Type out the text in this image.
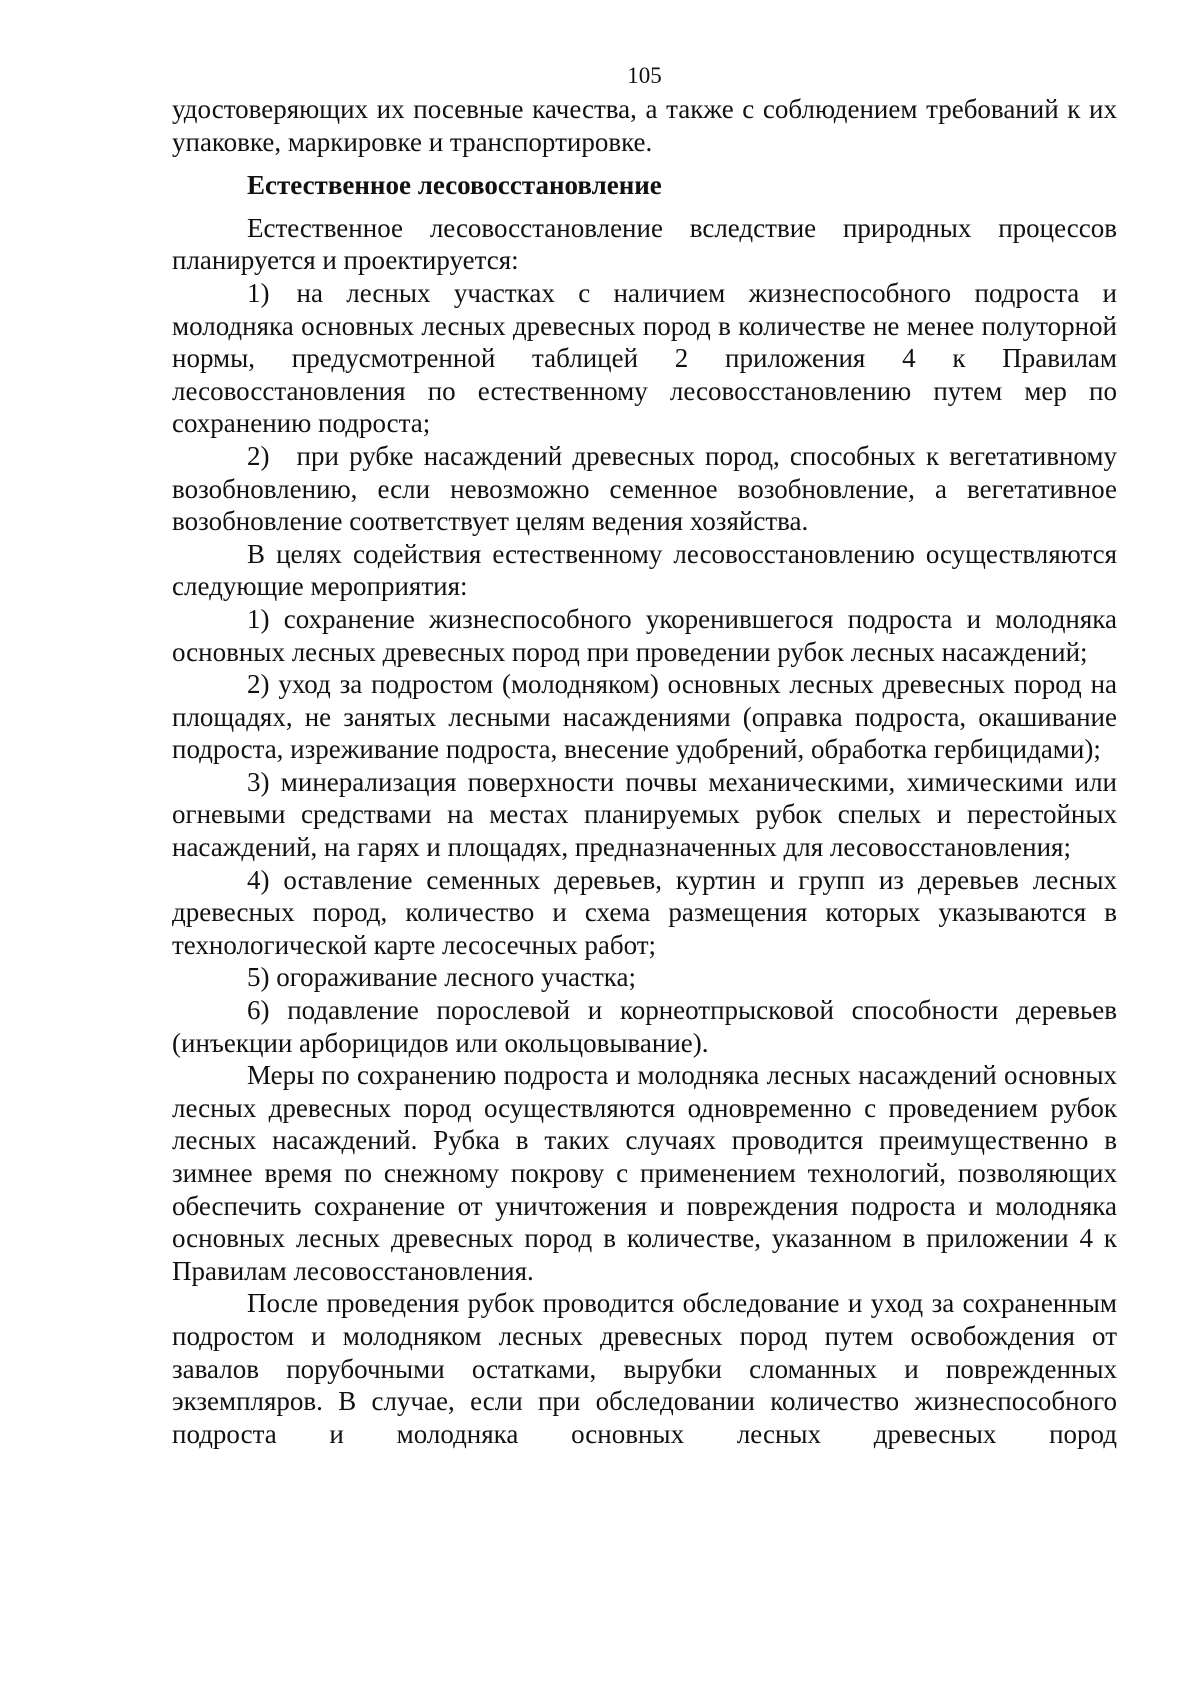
105

удостоверяющих их посевные качества, а также с соблюдением требований к их упаковке, маркировке и транспортировке.

Естественное лесовосстановление

Естественное лесовосстановление вследствие природных процессов планируется и проектируется:

1) на лесных участках с наличием жизнеспособного подроста и молодняка основных лесных древесных пород в количестве не менее полуторной нормы, предусмотренной таблицей 2 приложения 4 к Правилам лесовосстановления по естественному лесовосстановлению путем мер по сохранению подроста;

2) при рубке насаждений древесных пород, способных к вегетативному возобновлению, если невозможно семенное возобновление, а вегетативное возобновление соответствует целям ведения хозяйства.

В целях содействия естественному лесовосстановлению осуществляются следующие мероприятия:

1) сохранение жизнеспособного укоренившегося подроста и молодняка основных лесных древесных пород при проведении рубок лесных насаждений;

2) уход за подростом (молодняком) основных лесных древесных пород на площадях, не занятых лесными насаждениями (оправка подроста, окашивание подроста, изреживание подроста, внесение удобрений, обработка гербицидами);

3) минерализация поверхности почвы механическими, химическими или огневыми средствами на местах планируемых рубок спелых и перестойных насаждений, на гарях и площадях, предназначенных для лесовосстановления;

4) оставление семенных деревьев, куртин и групп из деревьев лесных древесных пород, количество и схема размещения которых указываются в технологической карте лесосечных работ;

5) огораживание лесного участка;

6) подавление порослевой и корнеотпрысковой способности деревьев (инъекции арборицидов или окольцовывание).

Меры по сохранению подроста и молодняка лесных насаждений основных лесных древесных пород осуществляются одновременно с проведением рубок лесных насаждений. Рубка в таких случаях проводится преимущественно в зимнее время по снежному покрову с применением технологий, позволяющих обеспечить сохранение от уничтожения и повреждения подроста и молодняка основных лесных древесных пород в количестве, указанном в приложении 4 к Правилам лесовосстановления.

После проведения рубок проводится обследование и уход за сохраненным подростом и молодняком лесных древесных пород путем освобождения от завалов порубочными остатками, вырубки сломанных и поврежденных экземпляров. В случае, если при обследовании количество жизнеспособного подроста и молодняка основных лесных древесных пород
